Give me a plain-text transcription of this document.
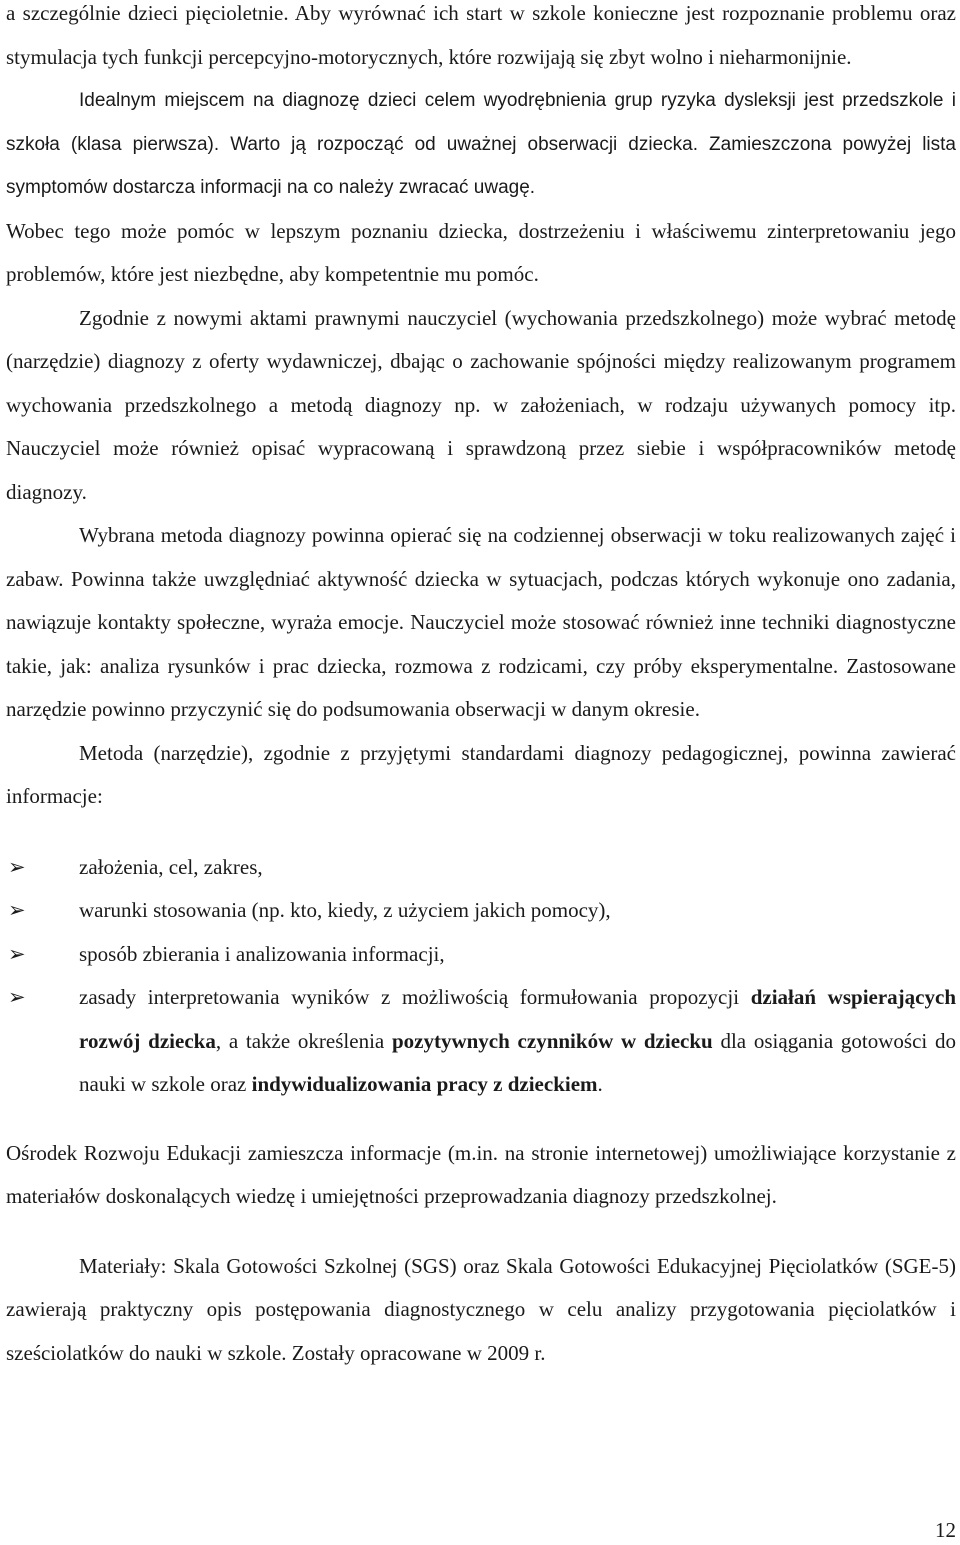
a szczególnie dzieci pięcioletnie. Aby wyrównać ich start w szkole konieczne jest rozpoznanie problemu oraz stymulacja tych funkcji percepcyjno-motorycznych, które rozwijają się zbyt wolno i nieharmonijnie.

Idealnym miejscem na diagnozę dzieci celem wyodrębnienia grup ryzyka dysleksji jest przedszkole i szkoła (klasa pierwsza). Warto ją rozpocząć od uważnej obserwacji dziecka. Zamieszczona powyżej lista symptomów dostarcza informacji na co należy zwracać uwagę.

Wobec tego może pomóc w lepszym poznaniu dziecka, dostrzeżeniu i właściwemu zinterpretowaniu jego problemów, które jest niezbędne, aby kompetentnie mu pomóc.

Zgodnie z nowymi aktami prawnymi nauczyciel (wychowania przedszkolnego) może wybrać metodę (narzędzie) diagnozy z oferty wydawniczej, dbając o zachowanie spójności między realizowanym programem wychowania przedszkolnego a metodą diagnozy np. w założeniach, w rodzaju używanych pomocy itp. Nauczyciel może również opisać wypracowaną i sprawdzoną przez siebie i współpracowników metodę diagnozy.

Wybrana metoda diagnozy powinna opierać się na codziennej obserwacji w toku realizowanych zajęć i zabaw. Powinna także uwzględniać aktywność dziecka w sytuacjach, podczas których wykonuje ono zadania, nawiązuje kontakty społeczne, wyraża emocje. Nauczyciel może stosować również inne techniki diagnostyczne takie, jak: analiza rysunków i prac dziecka, rozmowa z rodzicami, czy próby eksperymentalne. Zastosowane narzędzie powinno przyczynić się do podsumowania obserwacji w danym okresie.

Metoda (narzędzie), zgodnie z przyjętymi standardami diagnozy pedagogicznej, powinna zawierać informacje:

➢	założenia, cel, zakres,
➢	warunki stosowania (np. kto, kiedy, z użyciem jakich pomocy),
➢	sposób zbierania i analizowania informacji,
➢	zasady interpretowania wyników z możliwością formułowania propozycji działań wspierających rozwój dziecka, a także określenia pozytywnych czynników w dziecku dla osiągania gotowości do nauki w szkole oraz indywidualizowania pracy z dzieckiem.

Ośrodek Rozwoju Edukacji zamieszcza informacje (m.in. na stronie internetowej) umożliwiające korzystanie z materiałów doskonalących wiedzę i umiejętności przeprowadzania diagnozy przedszkolnej.

Materiały: Skala Gotowości Szkolnej (SGS) oraz Skala Gotowości Edukacyjnej Pięciolatków (SGE-5) zawierają praktyczny opis postępowania diagnostycznego w celu analizy przygotowania pięciolatków i sześciolatków do nauki w szkole. Zostały opracowane w 2009 r.

12
